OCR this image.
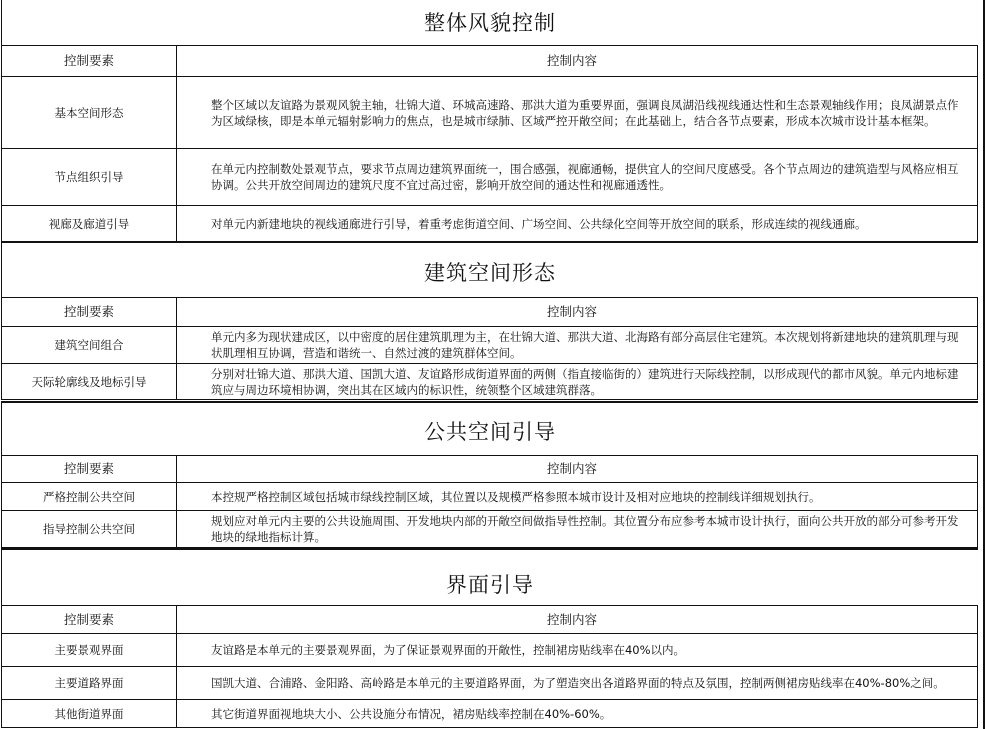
整体风貌控制
控制要素	控制内容
基本空间形态	整个区域以友谊路为景观风貌主轴，壮锦大道、环城高速路、那洪大道为重要界面，强调良凤湖沿线视线通达性和生态景观轴线作用；良凤湖景点作为区域绿核，即是本单元辐射影响力的焦点，也是城市绿肺、区域严控开敞空间；在此基础上，结合各节点要素，形成本次城市设计基本框架。
节点组织引导	在单元内控制数处景观节点，要求节点周边建筑界面统一，围合感强，视廊通畅，提供宜人的空间尺度感受。各个节点周边的建筑造型与风格应相互协调。公共开放空间周边的建筑尺度不宜过高过密，影响开放空间的通达性和视廊通透性。
视廊及廊道引导	对单元内新建地块的视线通廊进行引导，着重考虑街道空间、广场空间、公共绿化空间等开放空间的联系，形成连续的视线通廊。
建筑空间形态
控制要素	控制内容
建筑空间组合	单元内多为现状建成区，以中密度的居住建筑肌理为主，在壮锦大道、那洪大道、北海路有部分高层住宅建筑。本次规划将新建地块的建筑肌理与现状肌理相互协调，营造和谐统一、自然过渡的建筑群体空间。
天际轮廓线及地标引导	分别对壮锦大道、那洪大道、国凯大道、友谊路形成街道界面的两侧（指直接临街的）建筑进行天际线控制，以形成现代的都市风貌。单元内地标建筑应与周边环境相协调，突出其在区域内的标识性，统领整个区域建筑群落。
公共空间引导
控制要素	控制内容
严格控制公共空间	本控规严格控制区域包括城市绿线控制区域，其位置以及规模严格参照本城市设计及相对应地块的控制线详细规划执行。
指导控制公共空间	规划应对单元内主要的公共设施周围、开发地块内部的开敞空间做指导性控制。其位置分布应参考本城市设计执行，面向公共开放的部分可参考开发地块的绿地指标计算。
界面引导
控制要素	控制内容
主要景观界面	友谊路是本单元的主要景观界面，为了保证景观界面的开敞性，控制裙房贴线率在40%以内。
主要道路界面	国凯大道、合浦路、金阳路、高岭路是本单元的主要道路界面，为了塑造突出各道路界面的特点及氛围，控制两侧裙房贴线率在40%-80%之间。
其他街道界面	其它街道界面视地块大小、公共设施分布情况，裙房贴线率控制在40%-60%。
